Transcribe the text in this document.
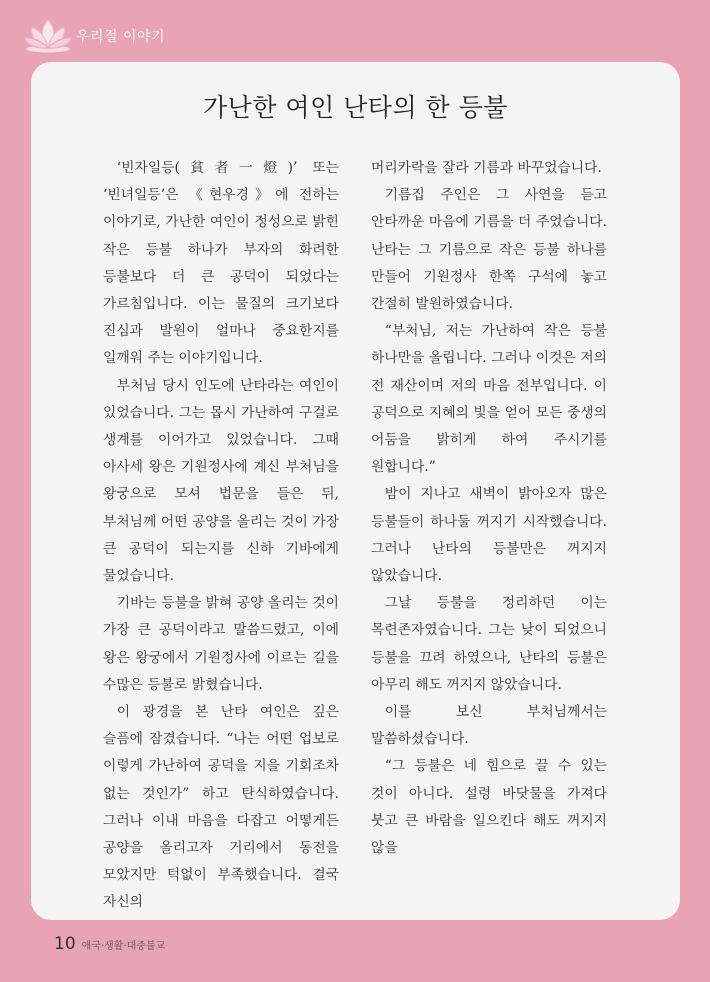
우리절 이야기
가난한 여인 난타의 한 등불

‘빈자일등(貧者一燈)’ 또는 ‘빈녀일등’은 《현우경》에 전하는 이야기로, 가난한 여인이 정성으로 밝힌 작은 등불 하나가 부자의 화려한 등불보다 더 큰 공덕이 되었다는 가르침입니다. 이는 물질의 크기보다 진심과 발원이 얼마나 중요한지를 일깨워 주는 이야기입니다.

부처님 당시 인도에 난타라는 여인이 있었습니다. 그는 몹시 가난하여 구걸로 생계를 이어가고 있었습니다. 그때 아사세 왕은 기원정사에 계신 부처님을 왕궁으로 모셔 법문을 들은 뒤, 부처님께 어떤 공양을 올리는 것이 가장 큰 공덕이 되는지를 신하 기바에게 물었습니다.

기바는 등불을 밝혀 공양 올리는 것이 가장 큰 공덕이라고 말씀드렸고, 이에 왕은 왕궁에서 기원정사에 이르는 길을 수많은 등불로 밝혔습니다.

이 광경을 본 난타 여인은 깊은 슬픔에 잠겼습니다. “나는 어떤 업보로 이렇게 가난하여 공덕을 지을 기회조차 없는 것인가” 하고 탄식하였습니다. 그러나 이내 마음을 다잡고 어떻게든 공양을 올리고자 거리에서 동전을 모았지만 턱없이 부족했습니다. 결국 자신의

머리카락을 잘라 기름과 바꾸었습니다.

기름집 주인은 그 사연을 듣고 안타까운 마음에 기름을 더 주었습니다. 난타는 그 기름으로 작은 등불 하나를 만들어 기원정사 한쪽 구석에 놓고 간절히 발원하였습니다.

“부처님, 저는 가난하여 작은 등불 하나만을 올립니다. 그러나 이것은 저의 전 재산이며 저의 마음 전부입니다. 이 공덕으로 지혜의 빛을 얻어 모든 중생의 어둠을 밝히게 하여 주시기를 원합니다.”

밤이 지나고 새벽이 밝아오자 많은 등불들이 하나둘 꺼지기 시작했습니다. 그러나 난타의 등불만은 꺼지지 않았습니다.

그날 등불을 정리하던 이는 목련존자였습니다. 그는 낮이 되었으니 등불을 끄려 하였으나, 난타의 등불은 아무리 해도 꺼지지 않았습니다.

이를 보신 부처님께서는 말씀하셨습니다.

“그 등불은 네 힘으로 끌 수 있는 것이 아니다. 설령 바닷물을 가져다 붓고 큰 바람을 일으킨다 해도 꺼지지 않을

10 애국·생활·대중불교
